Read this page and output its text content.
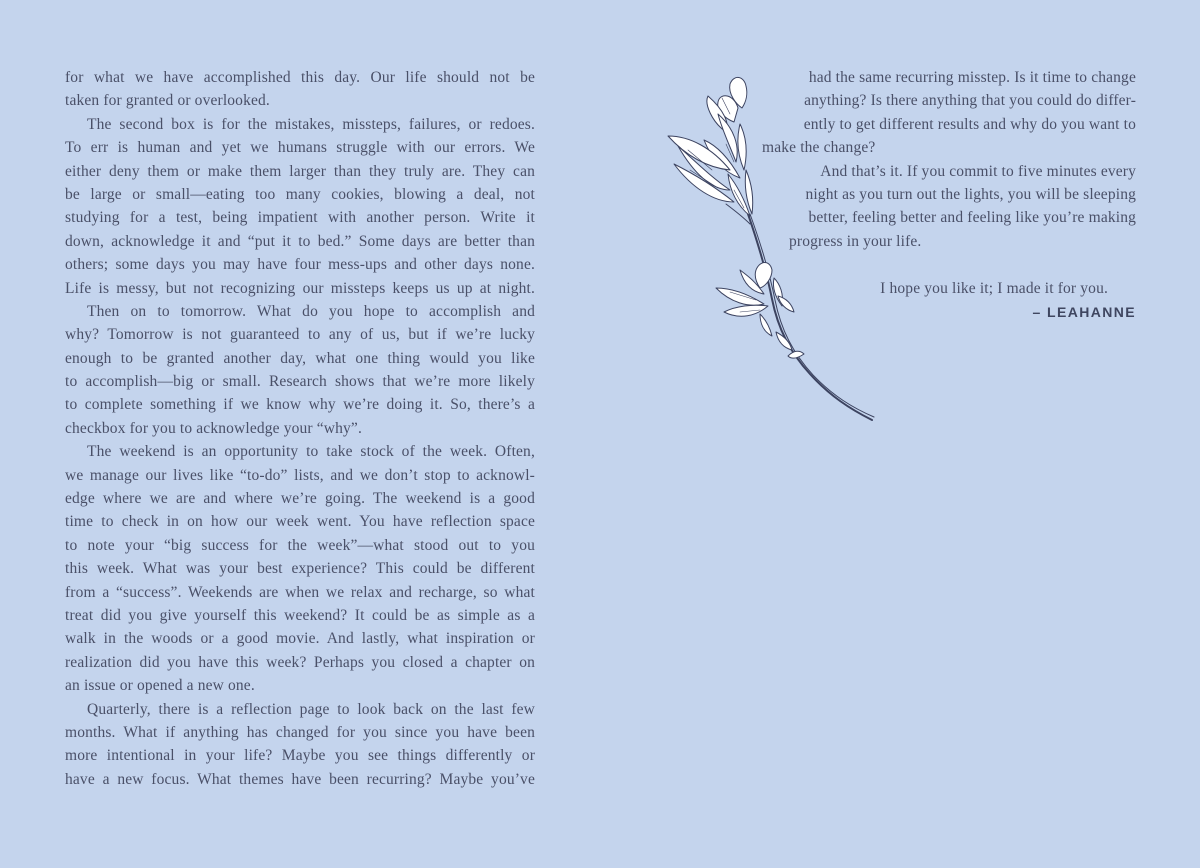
for what we have accomplished this day. Our life should not be
taken for granted or overlooked.
The second box is for the mistakes, missteps, failures, or redoes.
To err is human and yet we humans struggle with our errors. We
either deny them or make them larger than they truly are. They can
be large or small—eating too many cookies, blowing a deal, not
studying for a test, being impatient with another person. Write it
down, acknowledge it and “put it to bed.” Some days are better than
others; some days you may have four mess-ups and other days none.
Life is messy, but not recognizing our missteps keeps us up at night.
Then on to tomorrow. What do you hope to accomplish and
why? Tomorrow is not guaranteed to any of us, but if we’re lucky
enough to be granted another day, what one thing would you like
to accomplish—big or small. Research shows that we’re more likely
to complete something if we know why we’re doing it. So, there’s a
checkbox for you to acknowledge your “why”.
The weekend is an opportunity to take stock of the week. Often,
we manage our lives like “to-do” lists, and we don’t stop to acknowl-
edge where we are and where we’re going. The weekend is a good
time to check in on how our week went. You have reflection space
to note your “big success for the week”—what stood out to you
this week. What was your best experience? This could be different
from a “success”. Weekends are when we relax and recharge, so what
treat did you give yourself this weekend? It could be as simple as a
walk in the woods or a good movie. And lastly, what inspiration or
realization did you have this week? Perhaps you closed a chapter on
an issue or opened a new one.
Quarterly, there is a reflection page to look back on the last few
months. What if anything has changed for you since you have been
more intentional in your life? Maybe you see things differently or
have a new focus. What themes have been recurring? Maybe you’ve
had the same recurring misstep. Is it time to change
anything? Is there anything that you could do differ-
ently to get different results and why do you want to
make the change?
And that’s it. If you commit to five minutes every
night as you turn out the lights, you will be sleeping
better, feeling better and feeling like you’re making
progress in your life.
I hope you like it; I made it for you.
– LEAHANNE
